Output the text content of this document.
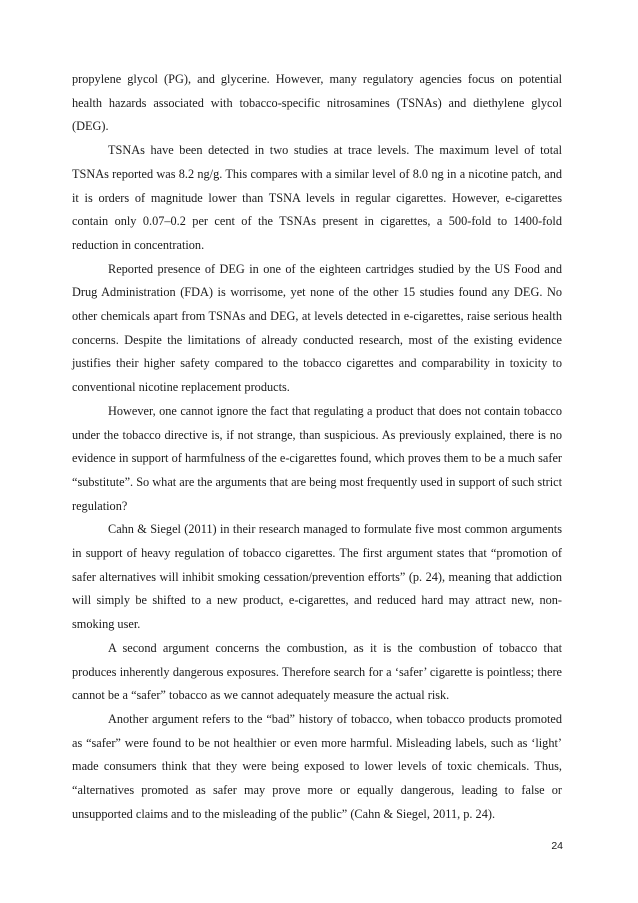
propylene glycol (PG), and glycerine. However, many regulatory agencies focus on potential health hazards associated with tobacco-specific nitrosamines (TSNAs) and diethylene glycol (DEG).

TSNAs have been detected in two studies at trace levels. The maximum level of total TSNAs reported was 8.2 ng/g. This compares with a similar level of 8.0 ng in a nicotine patch, and it is orders of magnitude lower than TSNA levels in regular cigarettes. However, e-cigarettes contain only 0.07–0.2 per cent of the TSNAs present in cigarettes, a 500-fold to 1400-fold reduction in concentration.

Reported presence of DEG in one of the eighteen cartridges studied by the US Food and Drug Administration (FDA) is worrisome, yet none of the other 15 studies found any DEG. No other chemicals apart from TSNAs and DEG, at levels detected in e-cigarettes, raise serious health concerns. Despite the limitations of already conducted research, most of the existing evidence justifies their higher safety compared to the tobacco cigarettes and comparability in toxicity to conventional nicotine replacement products.

However, one cannot ignore the fact that regulating a product that does not contain tobacco under the tobacco directive is, if not strange, than suspicious. As previously explained, there is no evidence in support of harmfulness of the e-cigarettes found, which proves them to be a much safer “substitute”. So what are the arguments that are being most frequently used in support of such strict regulation?

Cahn & Siegel (2011) in their research managed to formulate five most common arguments in support of heavy regulation of tobacco cigarettes. The first argument states that “promotion of safer alternatives will inhibit smoking cessation/prevention efforts” (p. 24), meaning that addiction will simply be shifted to a new product, e-cigarettes, and reduced hard may attract new, non-smoking user.

A second argument concerns the combustion, as it is the combustion of tobacco that produces inherently dangerous exposures. Therefore search for a ‘safer’ cigarette is pointless; there cannot be a “safer” tobacco as we cannot adequately measure the actual risk.

Another argument refers to the “bad” history of tobacco, when tobacco products promoted as “safer” were found to be not healthier or even more harmful. Misleading labels, such as ‘light’ made consumers think that they were being exposed to lower levels of toxic chemicals. Thus, “alternatives promoted as safer may prove more or equally dangerous, leading to false or unsupported claims and to the misleading of the public” (Cahn & Siegel, 2011, p. 24).

24
